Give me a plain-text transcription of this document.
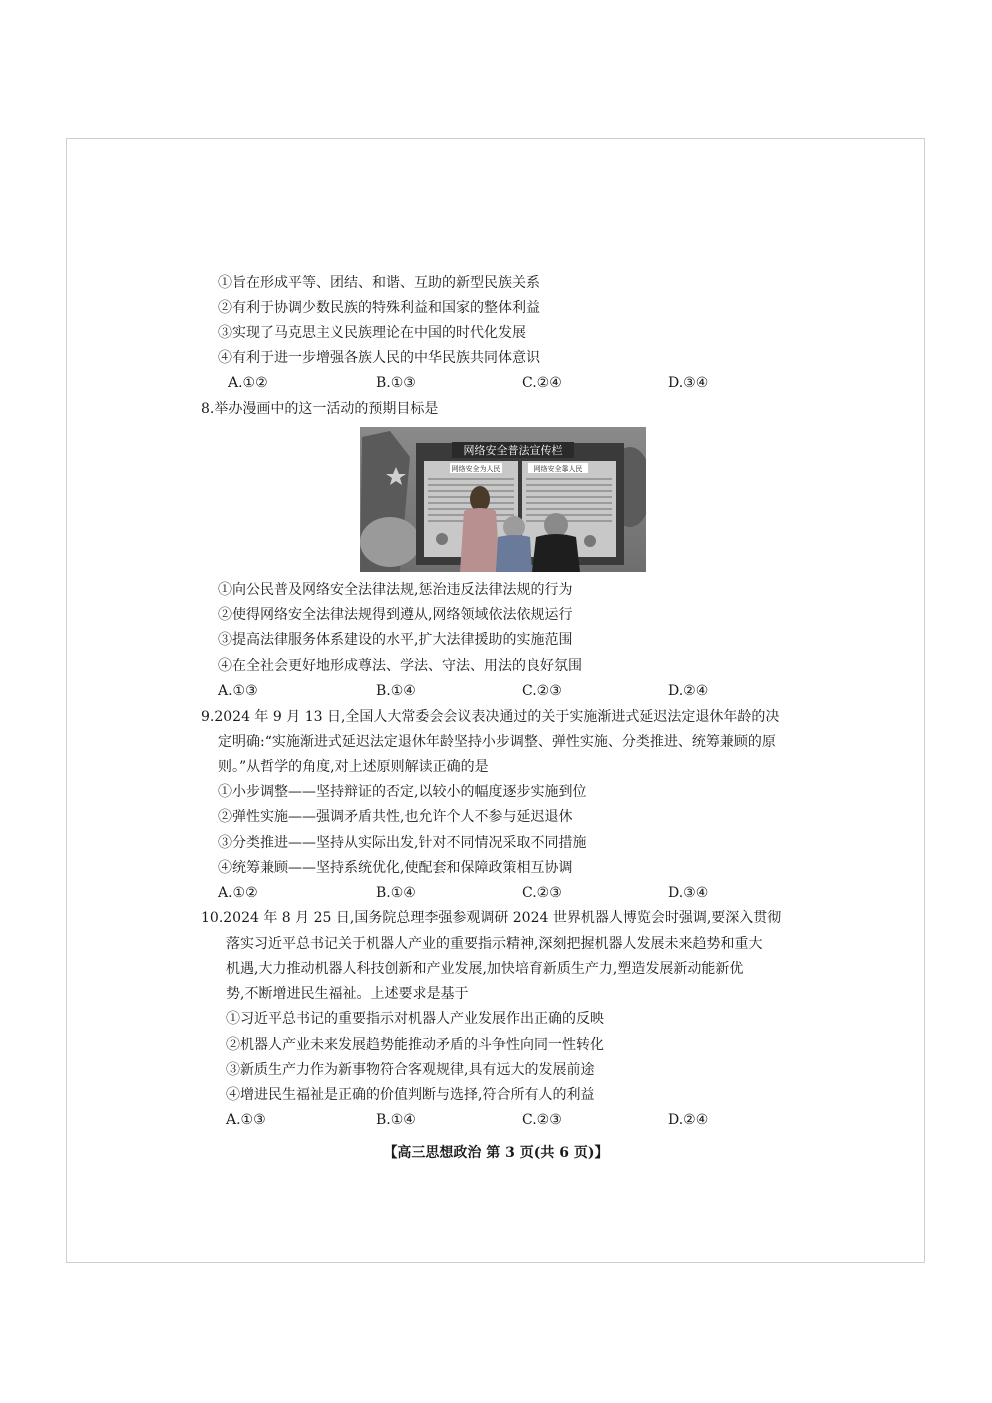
①旨在形成平等、团结、和谐、互助的新型民族关系
②有利于协调少数民族的特殊利益和国家的整体利益
③实现了马克思主义民族理论在中国的时代化发展
④有利于进一步增强各族人民的中华民族共同体意识
A.①②	B.①③	C.②④	D.③④
8.举办漫画中的这一活动的预期目标是
网络安全普法宣传栏
网络安全为人民	网络安全靠人民
①向公民普及网络安全法律法规,惩治违反法律法规的行为
②使得网络安全法律法规得到遵从,网络领域依法依规运行
③提高法律服务体系建设的水平,扩大法律援助的实施范围
④在全社会更好地形成尊法、学法、守法、用法的良好氛围
A.①③	B.①④	C.②③	D.②④
9.2024 年 9 月 13 日,全国人大常委会会议表决通过的关于实施渐进式延迟法定退休年龄的决
定明确:“实施渐进式延迟法定退休年龄坚持小步调整、弹性实施、分类推进、统筹兼顾的原
则。”从哲学的角度,对上述原则解读正确的是
①小步调整——坚持辩证的否定,以较小的幅度逐步实施到位
②弹性实施——强调矛盾共性,也允许个人不参与延迟退休
③分类推进——坚持从实际出发,针对不同情况采取不同措施
④统筹兼顾——坚持系统优化,使配套和保障政策相互协调
A.①②	B.①④	C.②③	D.③④
10.2024 年 8 月 25 日,国务院总理李强参观调研 2024 世界机器人博览会时强调,要深入贯彻
落实习近平总书记关于机器人产业的重要指示精神,深刻把握机器人发展未来趋势和重大
机遇,大力推动机器人科技创新和产业发展,加快培育新质生产力,塑造发展新动能新优
势,不断增进民生福祉。上述要求是基于
①习近平总书记的重要指示对机器人产业发展作出正确的反映
②机器人产业未来发展趋势能推动矛盾的斗争性向同一性转化
③新质生产力作为新事物符合客观规律,具有远大的发展前途
④增进民生福祉是正确的价值判断与选择,符合所有人的利益
A.①③	B.①④	C.②③	D.②④
【高三思想政治 第 3 页(共 6 页)】
